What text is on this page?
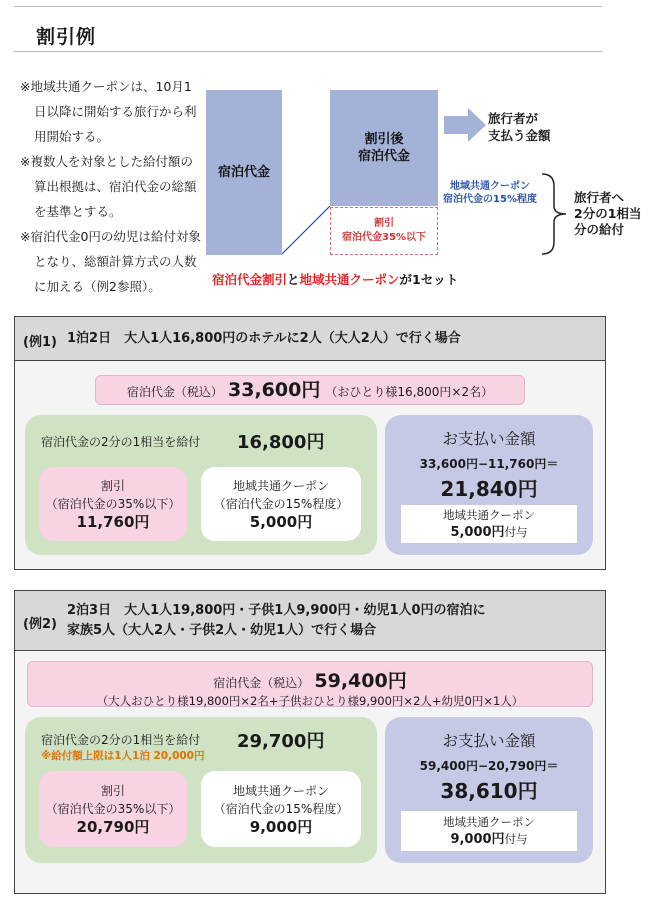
割引例
※地域共通クーポンは、10月1日以降に開始する旅行から利用開始する。
※複数人を対象とした給付額の算出根拠は、宿泊代金の総額を基準とする。
※宿泊代金0円の幼児は給付対象となり、総額計算方式の人数に加える（例2参照）。
宿泊代金
割引後
宿泊代金
割引
宿泊代金35%以下
旅行者が
支払う金額
地域共通クーポン
宿泊代金の15%程度	旅行者へ
2分の1相当
分の給付
宿泊代金割引と地域共通クーポンが1セット
(例1) 1泊2日　大人1人16,800円のホテルに2人（大人2人）で行く場合
宿泊代金（税込） 33,600円 （おひとり様16,800円×2名）
宿泊代金の2分の1相当を給付 16,800円
割引
（宿泊代金の35%以下）
11,760円
地域共通クーポン
（宿泊代金の15%程度）
5,000円
お支払い金額
33,600円−11,760円＝
21,840円
地域共通クーポン
5,000円付与
(例2)
2泊3日　大人1人19,800円・子供1人9,900円・幼児1人0円の宿泊に
家族5人（大人2人・子供2人・幼児1人）で行く場合
宿泊代金（税込） 59,400円
（大人おひとり様19,800円×2名+子供おひとり様9,900円×2人+幼児0円×1人）
宿泊代金の2分の1相当を給付 29,700円
※給付額上限は1人1泊 20,000円
割引
（宿泊代金の35%以下）
20,790円
地域共通クーポン
（宿泊代金の15%程度）
9,000円
お支払い金額
59,400円−20,790円＝
38,610円
地域共通クーポン
9,000円付与
